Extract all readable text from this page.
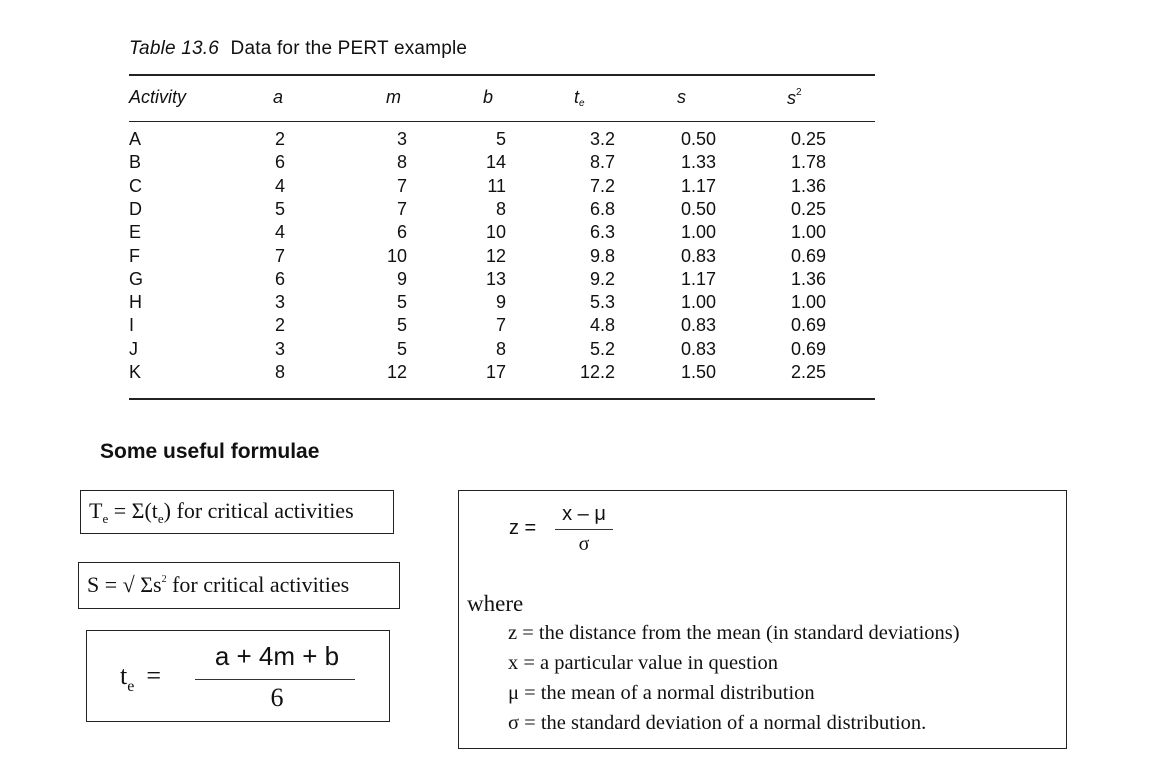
Table 13.6 Data for the PERT example
Activity	a	m	b	$t_e$	s	$s^2$
A	2	3	5	3.2	0.50	0.25
B	6	8	14	8.7	1.33	1.78
C	4	7	11	7.2	1.17	1.36
D	5	7	8	6.8	0.50	0.25
E	4	6	10	6.3	1.00	1.00
F	7	10	12	9.8	0.83	0.69
G	6	9	13	9.2	1.17	1.36
H	3	5	9	5.3	1.00	1.00
I	2	5	7	4.8	0.83	0.69
J	3	5	8	5.2	0.83	0.69
K	8	12	17	12.2	1.50	2.25
Some useful formulae
$T_e = \Sigma(t_e)$ for critical activities
S = √ $\Sigma s^2$ for critical activities
$t_e$ =
a + 4m + b
6
z =
x – μ
σ
where
z = the distance from the mean (in standard deviations)
x = a particular value in question
μ = the mean of a normal distribution
σ = the standard deviation of a normal distribution.
